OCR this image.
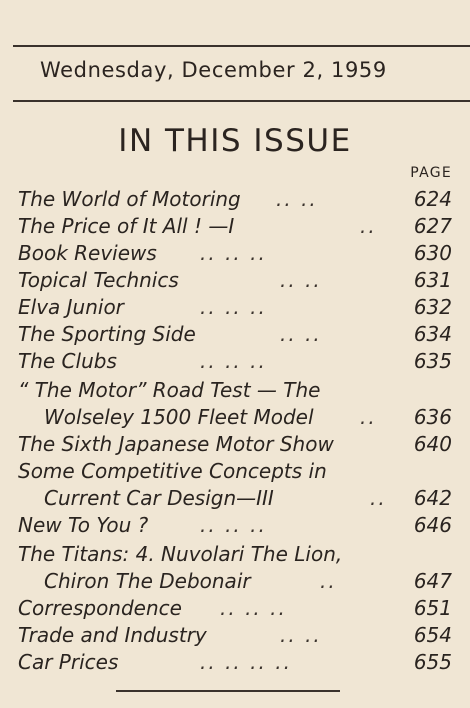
Wednesday, December 2, 1959
IN THIS ISSUE
PAGE
The World of Motoring .. ..	624
The Price of It All ! —I	..	627
Book Reviews .. .. ..	630
Topical Technics	.. ..	631
Elva Junior	.. .. ..	632
The Sporting Side	.. ..	634
The Clubs	.. .. ..	635
“ The Motor” Road Test — The
Wolseley 1500 Fleet Model ..	636
The Sixth Japanese Motor Show	640
Some Competitive Concepts in
Current Car Design—III	..	642
New To You ?	.. .. ..	646
The Titans: 4. Nuvolari The Lion,
Chiron The Debonair	..	647
Correspondence .. .. ..	651
Trade and Industry	.. ..	654
Car Prices	.. .. .. ..	655
